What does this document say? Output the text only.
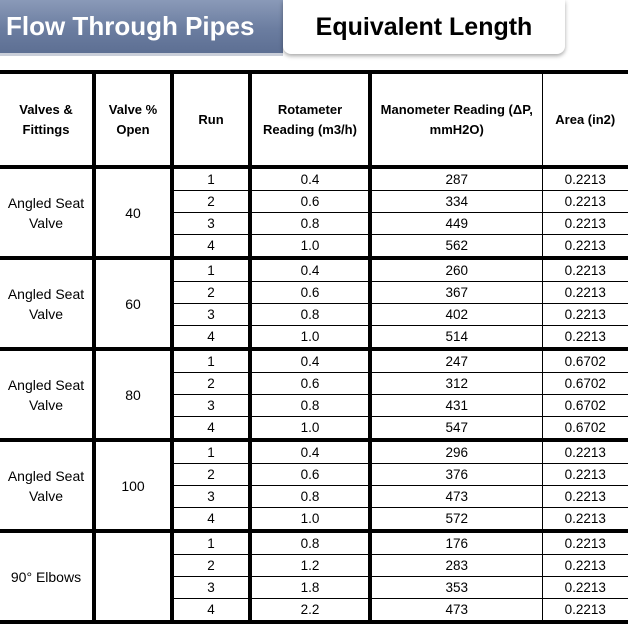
Flow Through Pipes	Equivalent Length
Valves & Fittings	Valve % Open	Run	Rotameter Reading (m3/h)	Manometer Reading (ΔP, mmH2O)	Area (in2)
Angled Seat Valve	40	1	0.4	287	0.2213
		2	0.6	334	0.2213
		3	0.8	449	0.2213
		4	1.0	562	0.2213
Angled Seat Valve	60	1	0.4	260	0.2213
		2	0.6	367	0.2213
		3	0.8	402	0.2213
		4	1.0	514	0.2213
Angled Seat Valve	80	1	0.4	247	0.6702
		2	0.6	312	0.6702
		3	0.8	431	0.6702
		4	1.0	547	0.6702
Angled Seat Valve	100	1	0.4	296	0.2213
		2	0.6	376	0.2213
		3	0.8	473	0.2213
		4	1.0	572	0.2213
90° Elbows		1	0.8	176	0.2213
		2	1.2	283	0.2213
		3	1.8	353	0.2213
		4	2.2	473	0.2213
